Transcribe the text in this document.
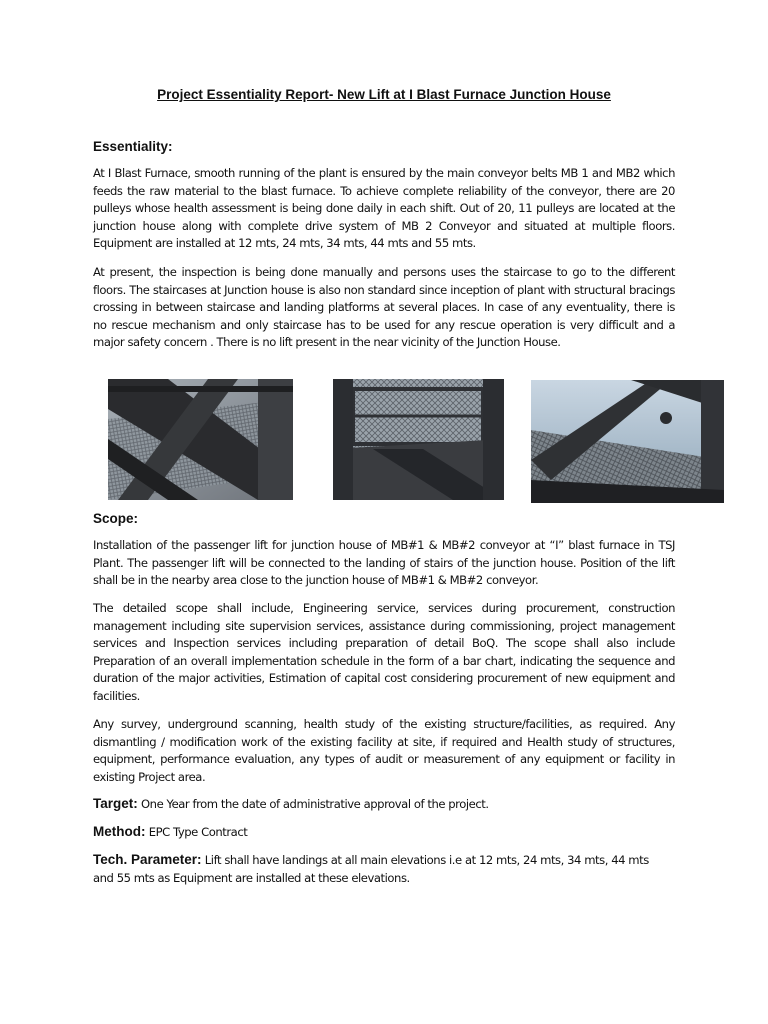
Project Essentiality Report- New Lift at I Blast Furnace Junction House
Essentiality:

At I Blast Furnace, smooth running of the plant is ensured by the main conveyor belts MB 1 and MB2 which feeds the raw material to the blast furnace. To achieve complete reliability of the conveyor, there are 20 pulleys whose health assessment is being done daily in each shift. Out of 20, 11 pulleys are located at the junction house along with complete drive system of MB 2 Conveyor and situated at multiple floors. Equipment are installed at 12 mts, 24 mts, 34 mts, 44 mts and 55 mts.

At present, the inspection is being done manually and persons uses the staircase to go to the different floors. The staircases at Junction house is also non standard since inception of plant with structural bracings crossing in between staircase and landing platforms at several places. In case of any eventuality, there is no rescue mechanism and only staircase has to be used for any rescue operation is very difficult and a major safety concern . There is no lift present in the near vicinity of the Junction House.

Scope:

Installation of the passenger lift for junction house of MB#1 & MB#2 conveyor at “I” blast furnace in TSJ Plant. The passenger lift will be connected to the landing of stairs of the junction house. Position of the lift shall be in the nearby area close to the junction house of MB#1 & MB#2 conveyor.

The detailed scope shall include, Engineering service, services during procurement, construction management including site supervision services, assistance during commissioning, project management services and Inspection services including preparation of detail BoQ. The scope shall also include Preparation of an overall implementation schedule in the form of a bar chart, indicating the sequence and duration of the major activities, Estimation of capital cost considering procurement of new equipment and facilities.

Any survey, underground scanning, health study of the existing structure/facilities, as required. Any dismantling / modification work of the existing facility at site, if required and Health study of structures, equipment, performance evaluation, any types of audit or measurement of any equipment or facility in existing Project area.

Target: One Year from the date of administrative approval of the project.

Method: EPC Type Contract

Tech. Parameter: Lift shall have landings at all main elevations i.e at 12 mts, 24 mts, 34 mts, 44 mts and 55 mts as Equipment are installed at these elevations.
